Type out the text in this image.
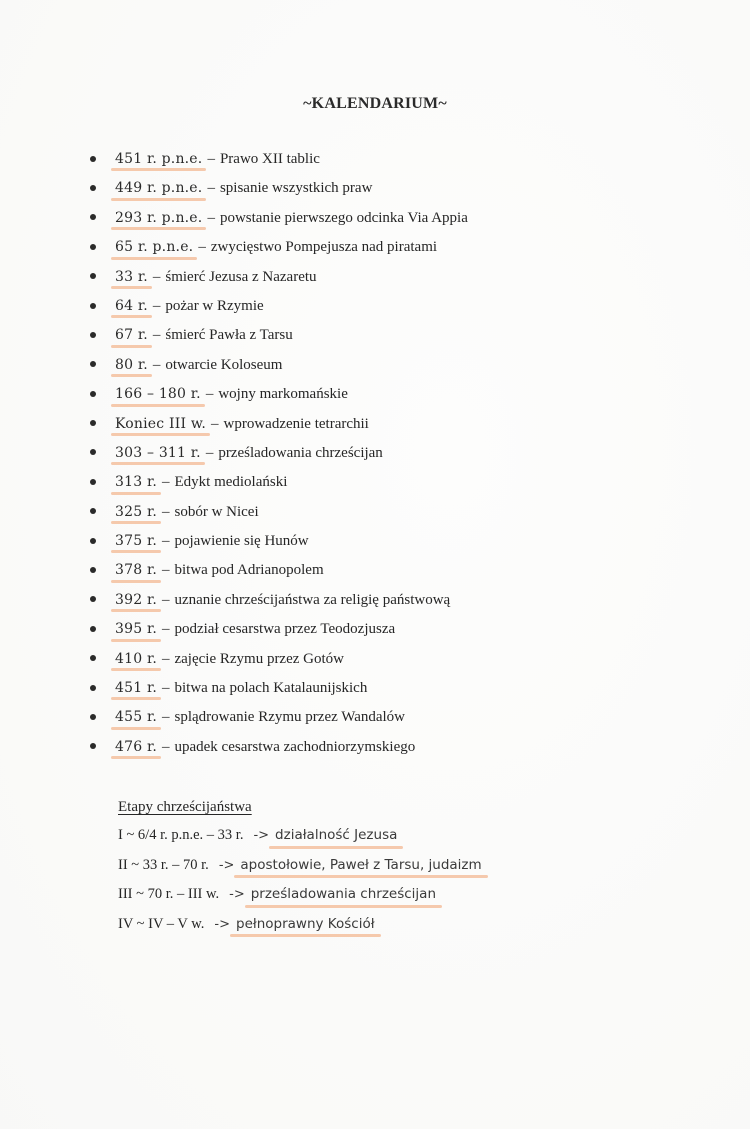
~KALENDARIUM~
451 r. p.n.e. – Prawo XII tablic
449 r. p.n.e. – spisanie wszystkich praw
293 r. p.n.e. – powstanie pierwszego odcinka Via Appia
65 r. p.n.e. – zwycięstwo Pompejusza nad piratami
33 r. – śmierć Jezusa z Nazaretu
64 r. – pożar w Rzymie
67 r. – śmierć Pawła z Tarsu
80 r. – otwarcie Koloseum
166 – 180 r. – wojny markomańskie
Koniec III w. – wprowadzenie tetrarchii
303 – 311 r. – prześladowania chrześcijan
313 r. – Edykt mediolański
325 r. – sobór w Nicei
375 r. – pojawienie się Hunów
378 r. – bitwa pod Adrianopolem
392 r. – uznanie chrześcijaństwa za religię państwową
395 r. – podział cesarstwa przez Teodozjusza
410 r. – zajęcie Rzymu przez Gotów
451 r. – bitwa na polach Katalaunijskich
455 r. – splądrowanie Rzymu przez Wandalów
476 r. – upadek cesarstwa zachodniorzymskiego
Etapy chrześcijaństwa
I ~ 6/4 r. p.n.e. – 33 r. -> działalność Jezusa
II ~ 33 r. – 70 r. -> apostołowie, Paweł z Tarsu, judaizm
III ~ 70 r. – III w. -> prześladowania chrześcijan
IV ~ IV – V w. -> pełnoprawny Kościół
